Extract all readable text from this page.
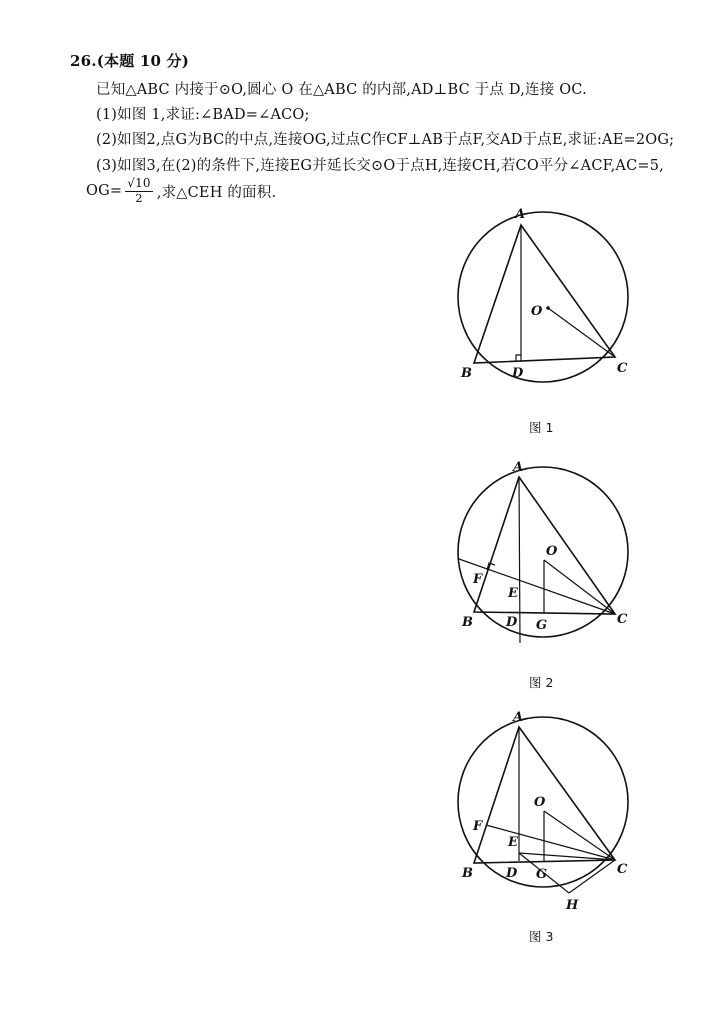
26.(本题 10 分)
已知△ABC 内接于⊙O,圆心 O 在△ABC 的内部,AD⊥BC 于点 D,连接 OC.
(1)如图 1,求证:∠BAD=∠ACO;
(2)如图2,点G为BC的中点,连接OG,过点C作CF⊥AB于点F,交AD于点E,求证:AE=2OG;
(3)如图3,在(2)的条件下,连接EG并延长交⊙O于点H,连接CH,若CO平分∠ACF,AC=5,
$OG= \frac{√10}{2}$ ,求△CEH 的面积.
A
B	C
D
O
图 1
A
B	C
D
O
E
F
G
图 2
A
B	C
D
O
E
F
G
H
图 3
